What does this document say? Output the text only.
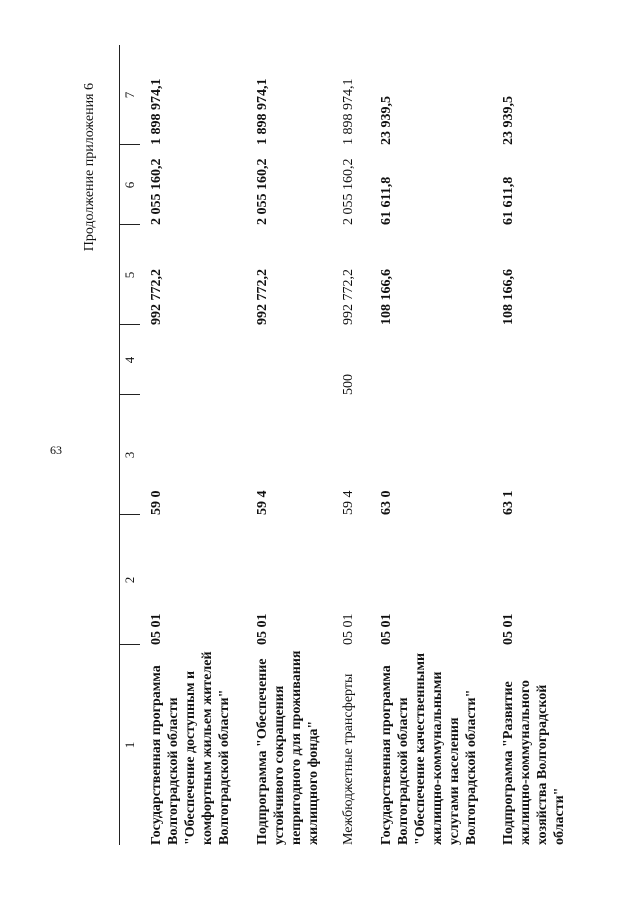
63
Продолжение приложения 6
1
2
3
4
5
6
7
Государственная программа Волгоградской области "Обеспечение доступным и комфортным жильем жителей Волгоградской области"
05 01
59 0
992 772,2
2 055 160,2
1 898 974,1
Подпрограмма "Обеспечение устойчивого сокращения непригодного для проживания жилищного фонда"
05 01
59 4
992 772,2
2 055 160,2
1 898 974,1
Межбюджетные трансферты
05 01
59 4
500
992 772,2
2 055 160,2
1 898 974,1
Государственная программа Волгоградской области "Обеспечение качественными жилищно-коммунальными услугами населения Волгоградской области"
05 01
63 0
108 166,6
61 611,8
23 939,5
Подпрограмма "Развитие жилищно-коммунального хозяйства Волгоградской области"
05 01
63 1
108 166,6
61 611,8
23 939,5
